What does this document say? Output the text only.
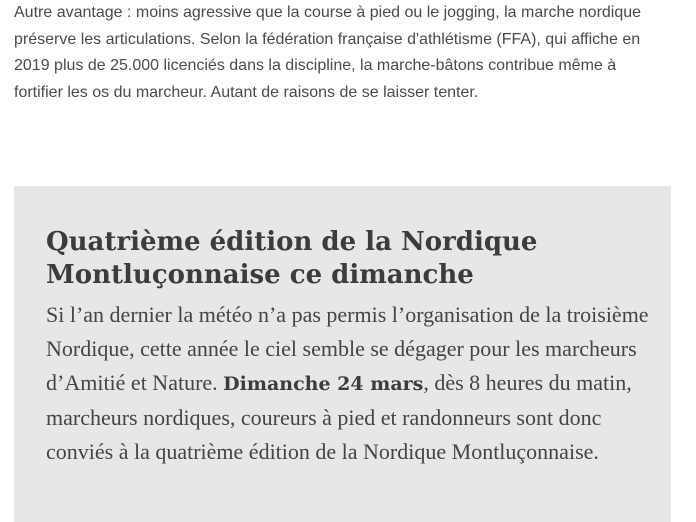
Autre avantage : moins agressive que la course à pied ou le jogging, la marche nordique préserve les articulations. Selon la fédération française d'athlétisme (FFA), qui affiche en 2019 plus de 25.000 licenciés dans la discipline, la marche-bâtons contribue même à fortifier les os du marcheur. Autant de raisons de se laisser tenter.

Quatrième édition de la Nordique Montluçonnaise ce dimanche

Si l’an dernier la météo n’a pas permis l’organisation de la troisième Nordique, cette année le ciel semble se dégager pour les marcheurs d’Amitié et Nature. Dimanche 24 mars, dès 8 heures du matin, marcheurs nordiques, coureurs à pied et randonneurs sont donc conviés à la quatrième édition de la Nordique Montluçonnaise.
